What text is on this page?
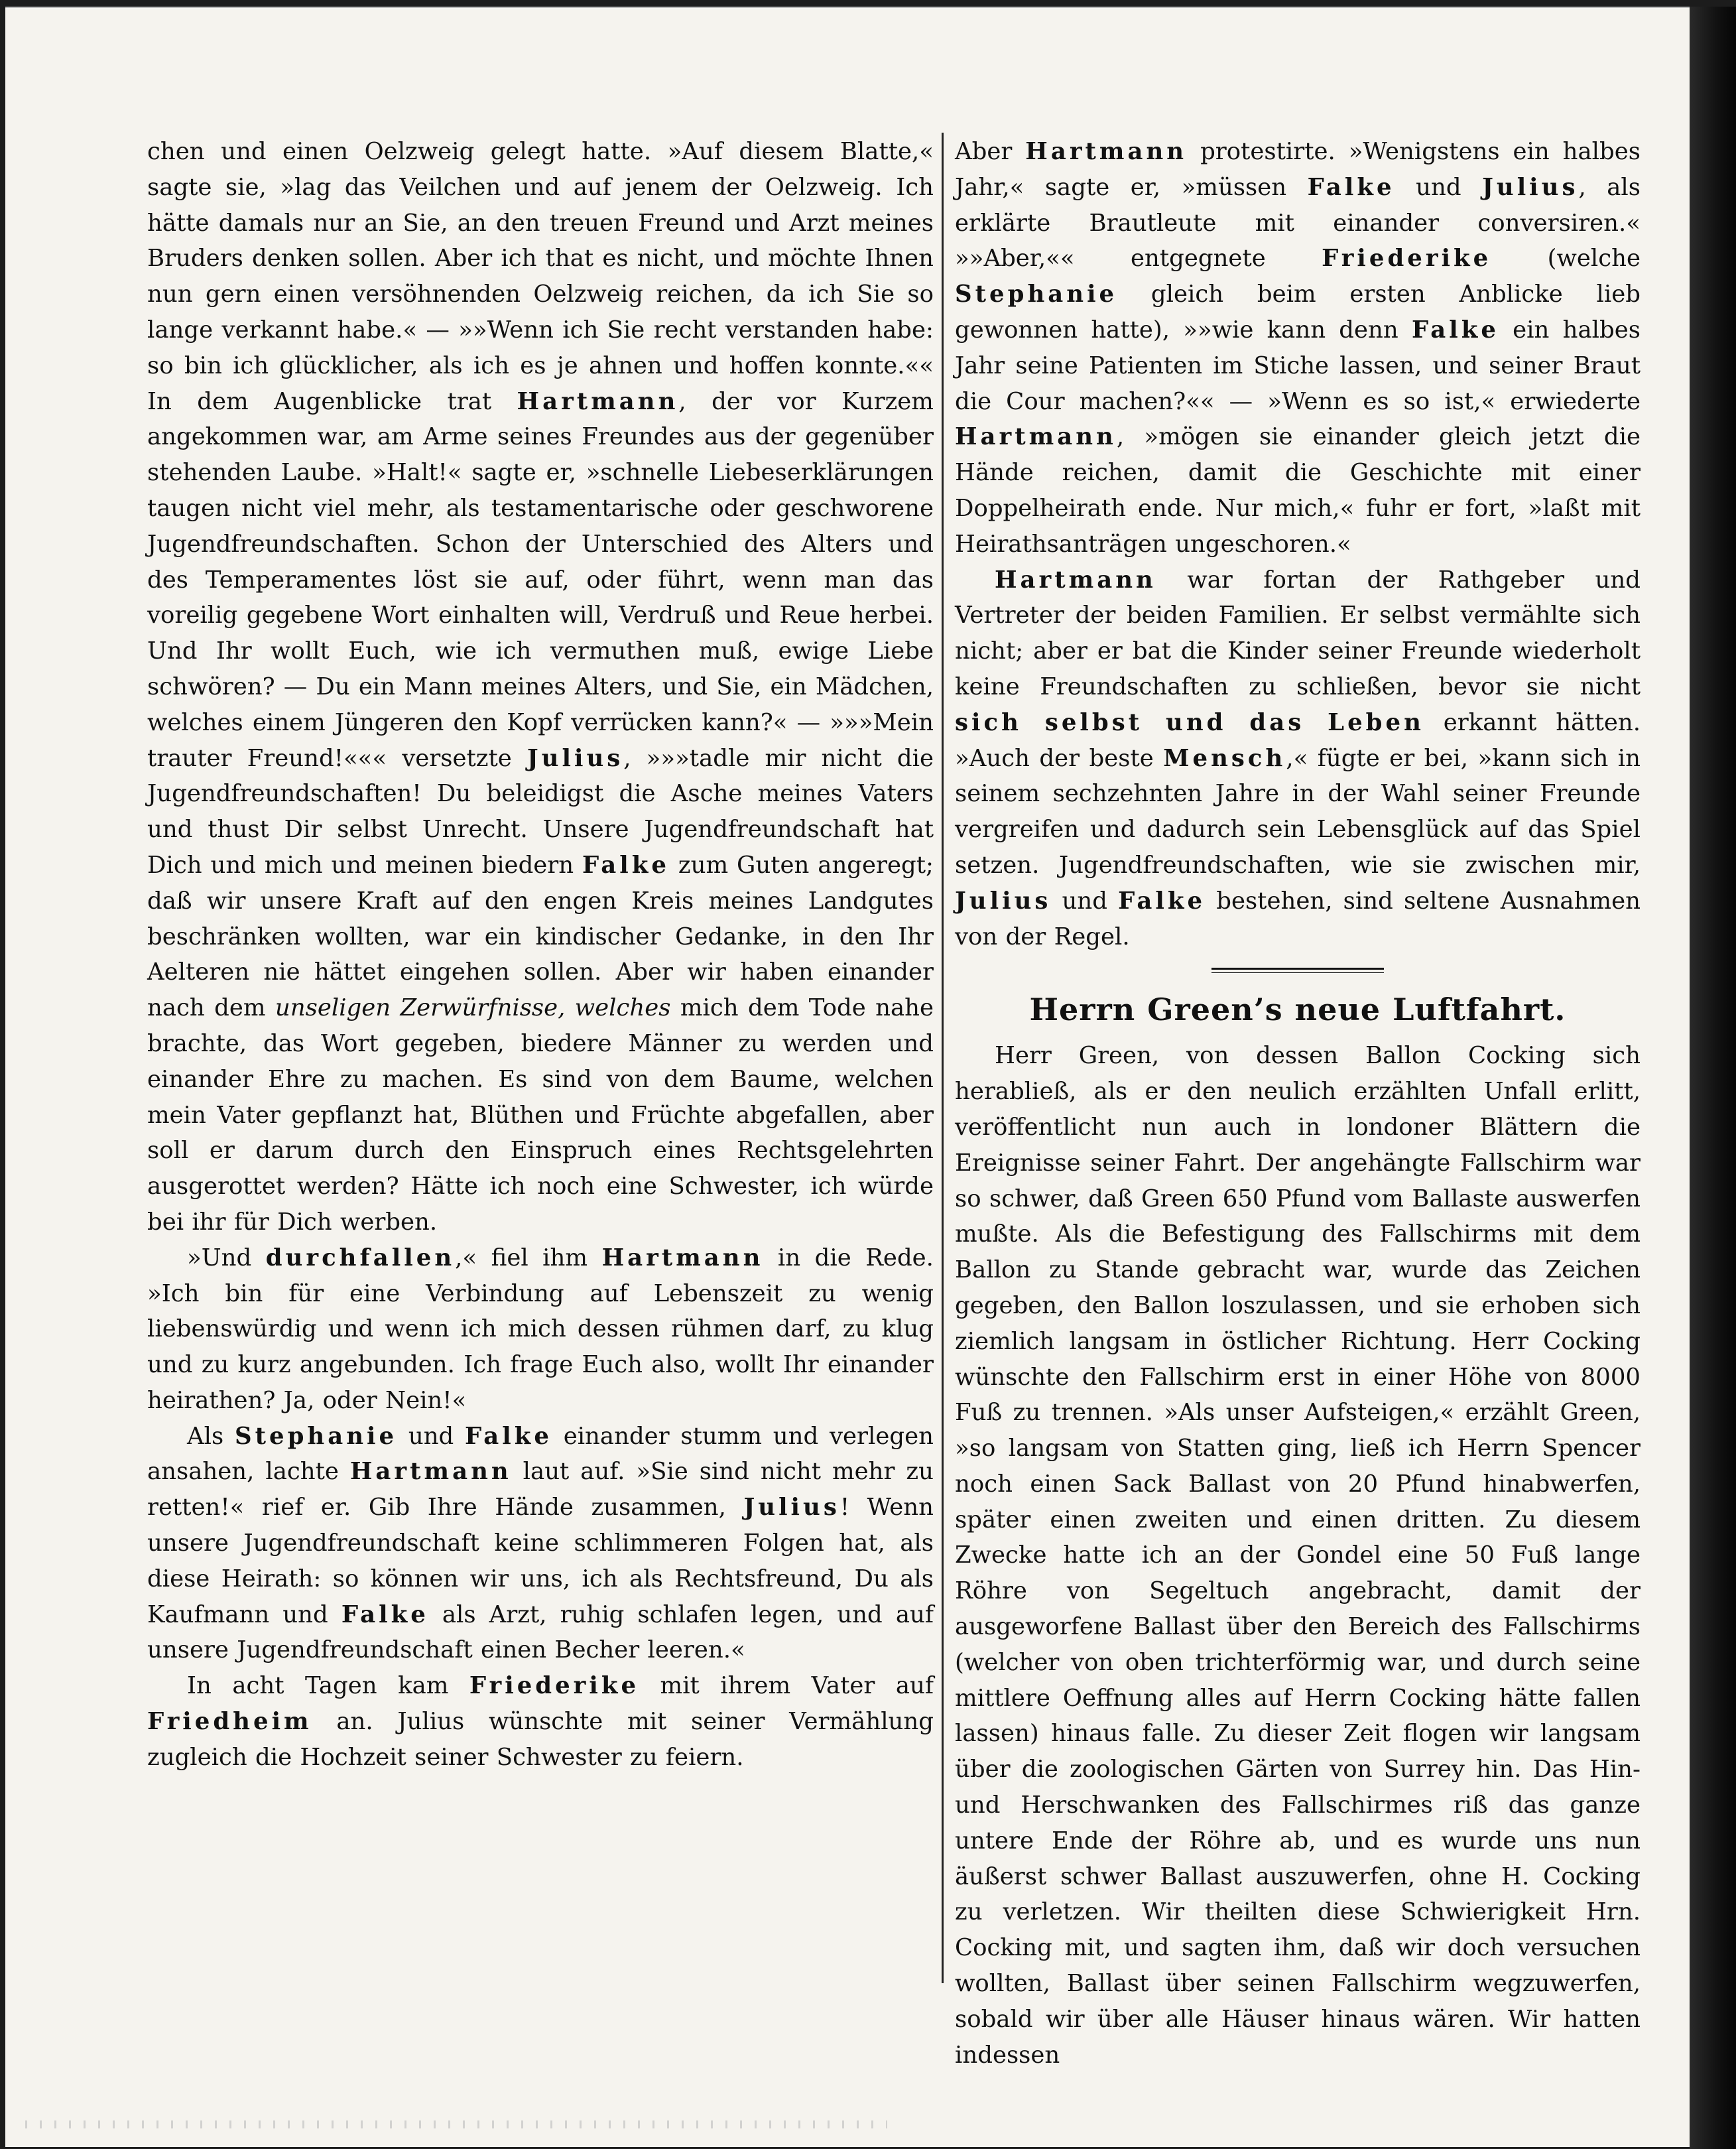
chen und einen Oelzweig gelegt hatte. »Auf diesem Blatte,« sagte sie, »lag das Veilchen und auf jenem der Oelzweig. Ich hätte damals nur an Sie, an den treuen Freund und Arzt meines Bruders denken sollen. Aber ich that es nicht, und möchte Ihnen nun gern einen versöhnenden Oelzweig reichen, da ich Sie so lange verkannt habe.« — »»Wenn ich Sie recht verstanden habe: so bin ich glücklicher, als ich es je ahnen und hoffen konnte.«« In dem Augenblicke trat Hartmann, der vor Kurzem angekommen war, am Arme seines Freundes aus der gegenüber stehenden Laube. »Halt!« sagte er, »schnelle Liebeserklärungen taugen nicht viel mehr, als testamentarische oder geschworene Jugendfreundschaften. Schon der Unterschied des Alters und des Temperamentes löst sie auf, oder führt, wenn man das voreilig gegebene Wort einhalten will, Verdruß und Reue herbei. Und Ihr wollt Euch, wie ich vermuthen muß, ewige Liebe schwören? — Du ein Mann meines Alters, und Sie, ein Mädchen, welches einem Jüngeren den Kopf verrücken kann?« — »»»Mein trauter Freund!««« versetzte Julius, »»»tadle mir nicht die Jugendfreundschaften! Du beleidigst die Asche meines Vaters und thust Dir selbst Unrecht. Unsere Jugendfreundschaft hat Dich und mich und meinen biedern Falke zum Guten angeregt; daß wir unsere Kraft auf den engen Kreis meines Landgutes beschränken wollten, war ein kindischer Gedanke, in den Ihr Aelteren nie hättet eingehen sollen. Aber wir haben einander nach dem unseligen Zerwürfnisse, welches mich dem Tode nahe brachte, das Wort gegeben, biedere Männer zu werden und einander Ehre zu machen. Es sind von dem Baume, welchen mein Vater gepflanzt hat, Blüthen und Früchte abgefallen, aber soll er darum durch den Einspruch eines Rechtsgelehrten ausgerottet werden? Hätte ich noch eine Schwester, ich würde bei ihr für Dich werben.

»Und durchfallen,« fiel ihm Hartmann in die Rede. »Ich bin für eine Verbindung auf Lebenszeit zu wenig liebenswürdig und wenn ich mich dessen rühmen darf, zu klug und zu kurz angebunden. Ich frage Euch also, wollt Ihr einander heirathen? Ja, oder Nein!«

Als Stephanie und Falke einander stumm und verlegen ansahen, lachte Hartmann laut auf. »Sie sind nicht mehr zu retten!« rief er. Gib Ihre Hände zusammen, Julius! Wenn unsere Jugendfreundschaft keine schlimmeren Folgen hat, als diese Heirath: so können wir uns, ich als Rechtsfreund, Du als Kaufmann und Falke als Arzt, ruhig schlafen legen, und auf unsere Jugendfreundschaft einen Becher leeren.«

In acht Tagen kam Friederike mit ihrem Vater auf Friedheim an. Julius wünschte mit seiner Vermählung zugleich die Hochzeit seiner Schwester zu feiern.

Aber Hartmann protestirte. »Wenigstens ein halbes Jahr,« sagte er, »müssen Falke und Julius, als erklärte Brautleute mit einander conversiren.« »»Aber,«« entgegnete Friederike (welche Stephanie gleich beim ersten Anblicke lieb gewonnen hatte), »»wie kann denn Falke ein halbes Jahr seine Patienten im Stiche lassen, und seiner Braut die Cour machen?«« — »Wenn es so ist,« erwiederte Hartmann, »mögen sie einander gleich jetzt die Hände reichen, damit die Geschichte mit einer Doppelheirath ende. Nur mich,« fuhr er fort, »laßt mit Heirathsanträgen ungeschoren.«

Hartmann war fortan der Rathgeber und Vertreter der beiden Familien. Er selbst vermählte sich nicht; aber er bat die Kinder seiner Freunde wiederholt keine Freundschaften zu schließen, bevor sie nicht sich selbst und das Leben erkannt hätten. »Auch der beste Mensch,« fügte er bei, »kann sich in seinem sechzehnten Jahre in der Wahl seiner Freunde vergreifen und dadurch sein Lebensglück auf das Spiel setzen. Jugendfreundschaften, wie sie zwischen mir, Julius und Falke bestehen, sind seltene Ausnahmen von der Regel.

Herrn Green’s neue Luftfahrt.

Herr Green, von dessen Ballon Cocking sich herabließ, als er den neulich erzählten Unfall erlitt, veröffentlicht nun auch in londoner Blättern die Ereignisse seiner Fahrt. Der angehängte Fallschirm war so schwer, daß Green 650 Pfund vom Ballaste auswerfen mußte. Als die Befestigung des Fallschirms mit dem Ballon zu Stande gebracht war, wurde das Zeichen gegeben, den Ballon loszulassen, und sie erhoben sich ziemlich langsam in östlicher Richtung. Herr Cocking wünschte den Fallschirm erst in einer Höhe von 8000 Fuß zu trennen. »Als unser Aufsteigen,« erzählt Green, »so langsam von Statten ging, ließ ich Herrn Spencer noch einen Sack Ballast von 20 Pfund hinabwerfen, später einen zweiten und einen dritten. Zu diesem Zwecke hatte ich an der Gondel eine 50 Fuß lange Röhre von Segeltuch angebracht, damit der ausgeworfene Ballast über den Bereich des Fallschirms (welcher von oben trichterförmig war, und durch seine mittlere Oeffnung alles auf Herrn Cocking hätte fallen lassen) hinaus falle. Zu dieser Zeit flogen wir langsam über die zoologischen Gärten von Surrey hin. Das Hin- und Herschwanken des Fallschirmes riß das ganze untere Ende der Röhre ab, und es wurde uns nun äußerst schwer Ballast auszuwerfen, ohne H. Cocking zu verletzen. Wir theilten diese Schwierigkeit Hrn. Cocking mit, und sagten ihm, daß wir doch versuchen wollten, Ballast über seinen Fallschirm wegzuwerfen, sobald wir über alle Häuser hinaus wären. Wir hatten indessen
